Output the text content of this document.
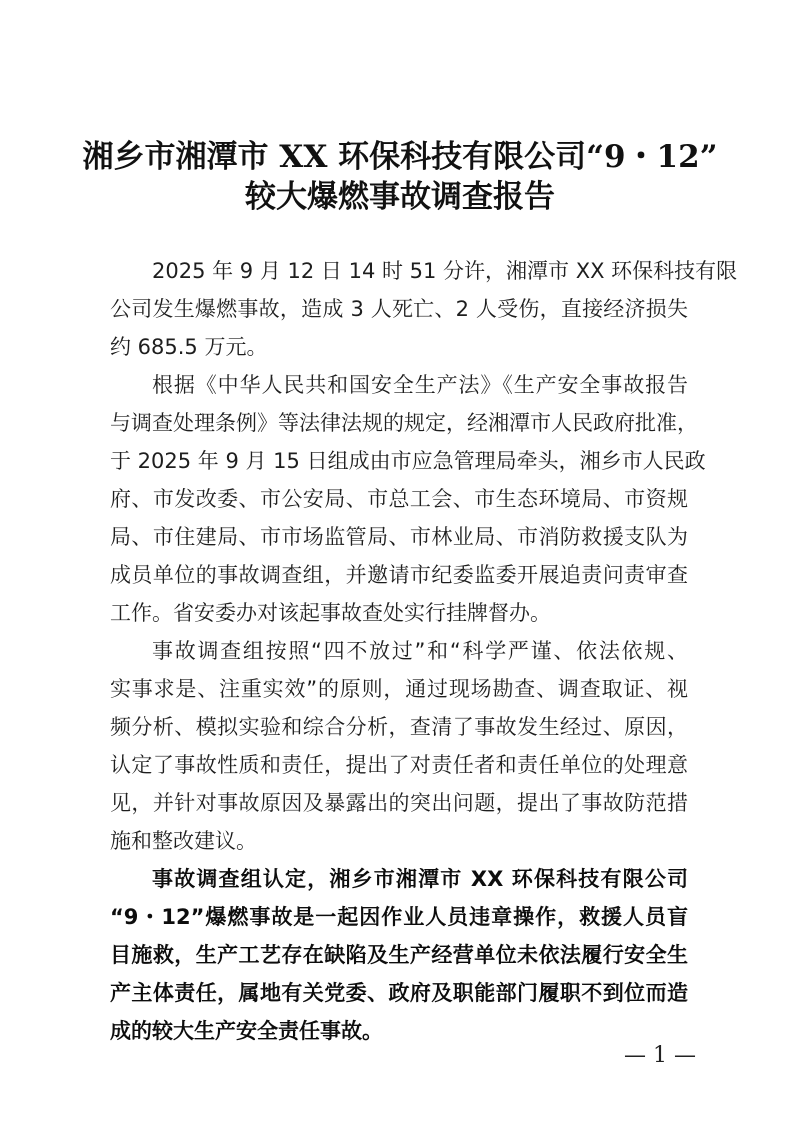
湘乡市湘潭市 XX 环保科技有限公司“9・12”
较大爆燃事故调查报告
2025 年 9 月 12 日 14 时 51 分许，湘潭市 XX 环保科技有限
公司发生爆燃事故，造成 3 人死亡、2 人受伤，直接经济损失
约 685.5 万元。
根据《中华人民共和国安全生产法》《生产安全事故报告
与调查处理条例》等法律法规的规定，经湘潭市人民政府批准，
于 2025 年 9 月 15 日组成由市应急管理局牵头，湘乡市人民政
府、市发改委、市公安局、市总工会、市生态环境局、市资规
局、市住建局、市市场监管局、市林业局、市消防救援支队为
成员单位的事故调查组，并邀请市纪委监委开展追责问责审查
工作。省安委办对该起事故查处实行挂牌督办。
事故调查组按照“四不放过”和“科学严谨、依法依规、
实事求是、注重实效”的原则，通过现场勘查、调查取证、视
频分析、模拟实验和综合分析，查清了事故发生经过、原因，
认定了事故性质和责任，提出了对责任者和责任单位的处理意
见，并针对事故原因及暴露出的突出问题，提出了事故防范措
施和整改建议。
事故调查组认定，湘乡市湘潭市 XX 环保科技有限公司
“9・12”爆燃事故是一起因作业人员违章操作，救援人员盲
目施救，生产工艺存在缺陷及生产经营单位未依法履行安全生
产主体责任，属地有关党委、政府及职能部门履职不到位而造
成的较大生产安全责任事故。
— 1 —
